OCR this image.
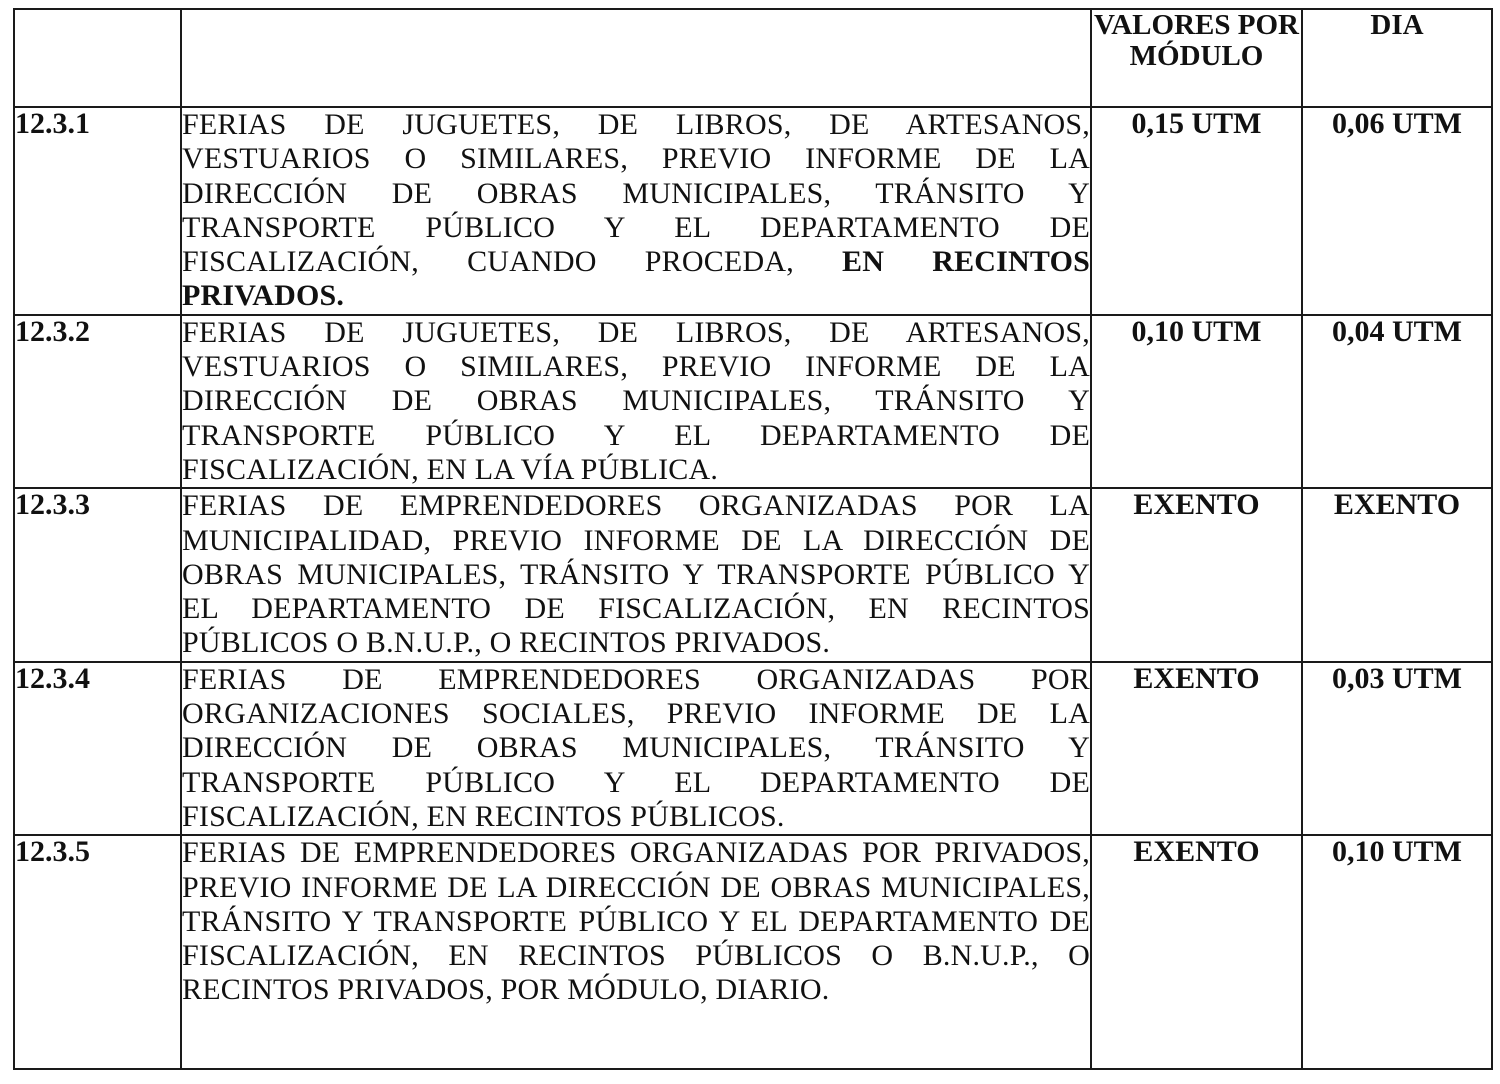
		VALORES POR MÓDULO	DIA
12.3.1	FERIAS DE JUGUETES, DE LIBROS, DE ARTESANOS, VESTUARIOS O SIMILARES, PREVIO INFORME DE LA DIRECCIÓN DE OBRAS MUNICIPALES, TRÁNSITO Y TRANSPORTE PÚBLICO Y EL DEPARTAMENTO DE FISCALIZACIÓN, CUANDO PROCEDA, EN RECINTOS PRIVADOS.	0,15 UTM	0,06 UTM
12.3.2	FERIAS DE JUGUETES, DE LIBROS, DE ARTESANOS, VESTUARIOS O SIMILARES, PREVIO INFORME DE LA DIRECCIÓN DE OBRAS MUNICIPALES, TRÁNSITO Y TRANSPORTE PÚBLICO Y EL DEPARTAMENTO DE FISCALIZACIÓN, EN LA VÍA PÚBLICA.	0,10 UTM	0,04 UTM
12.3.3	FERIAS DE EMPRENDEDORES ORGANIZADAS POR LA MUNICIPALIDAD, PREVIO INFORME DE LA DIRECCIÓN DE OBRAS MUNICIPALES, TRÁNSITO Y TRANSPORTE PÚBLICO Y EL DEPARTAMENTO DE FISCALIZACIÓN, EN RECINTOS PÚBLICOS O B.N.U.P., O RECINTOS PRIVADOS.	EXENTO	EXENTO
12.3.4	FERIAS DE EMPRENDEDORES ORGANIZADAS POR ORGANIZACIONES SOCIALES, PREVIO INFORME DE LA DIRECCIÓN DE OBRAS MUNICIPALES, TRÁNSITO Y TRANSPORTE PÚBLICO Y EL DEPARTAMENTO DE FISCALIZACIÓN, EN RECINTOS PÚBLICOS.	EXENTO	0,03 UTM
12.3.5	FERIAS DE EMPRENDEDORES ORGANIZADAS POR PRIVADOS, PREVIO INFORME DE LA DIRECCIÓN DE OBRAS MUNICIPALES, TRÁNSITO Y TRANSPORTE PÚBLICO Y EL DEPARTAMENTO DE FISCALIZACIÓN, EN RECINTOS PÚBLICOS O B.N.U.P., O RECINTOS PRIVADOS, POR MÓDULO, DIARIO.	EXENTO	0,10 UTM
